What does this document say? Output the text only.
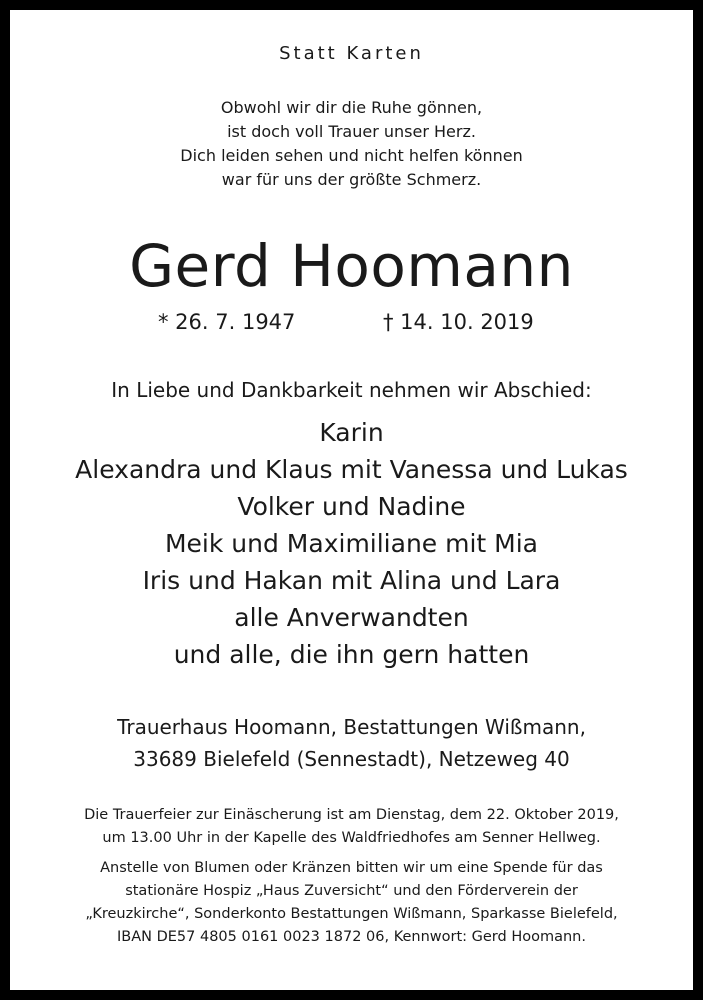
Statt Karten
Obwohl wir dir die Ruhe gönnen,
ist doch voll Trauer unser Herz.
Dich leiden sehen und nicht helfen können
war für uns der größte Schmerz.
Gerd Hoomann
* 26. 7. 1947	† 14. 10. 2019
In Liebe und Dankbarkeit nehmen wir Abschied:
Karin
Alexandra und Klaus mit Vanessa und Lukas
Volker und Nadine
Meik und Maximiliane mit Mia
Iris und Hakan mit Alina und Lara
alle Anverwandten
und alle, die ihn gern hatten
Trauerhaus Hoomann, Bestattungen Wißmann,
33689 Bielefeld (Sennestadt), Netzeweg 40
Die Trauerfeier zur Einäscherung ist am Dienstag, dem 22. Oktober 2019,
um 13.00 Uhr in der Kapelle des Waldfriedhofes am Senner Hellweg.
Anstelle von Blumen oder Kränzen bitten wir um eine Spende für das
stationäre Hospiz „Haus Zuversicht“ und den Förderverein der
„Kreuzkirche“, Sonderkonto Bestattungen Wißmann, Sparkasse Bielefeld,
IBAN DE57 4805 0161 0023 1872 06, Kennwort: Gerd Hoomann.
